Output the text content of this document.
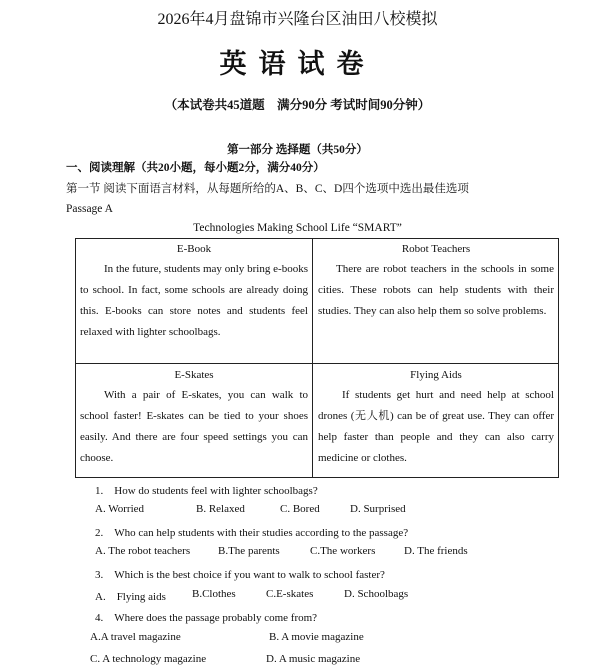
2026年4月盘锦市兴隆台区油田八校模拟
英语试卷
（本试卷共45道题　满分90分 考试时间90分钟）
第一部分 选择题（共50分）
一、阅读理解（共20小题，每小题2分，满分40分）
第一节 阅读下面语言材料，从每题所给的A、B、C、D四个选项中选出最佳选项
Passage A
Technologies Making School Life “SMART”
E-Book
In the future, students may only bring e-books to school. In fact, some schools are already doing this. E-books can store notes and students feel relaxed with lighter schoolbags.
Robot Teachers
There are robot teachers in the schools in some cities. These robots can help students with their studies. They can also help them so solve problems.
E-Skates
With a pair of E-skates, you can walk to school faster! E-skates can be tied to your shoes easily. And there are four speed settings you can choose.
Flying Aids
If students get hurt and need help at school drones (无人机) can be of great use. They can offer help faster than people and they can also carry medicine or clothes.
1.　How do students feel with lighter schoolbags?
A. Worried	B. Relaxed	C. Bored	D. Surprised
2.　Who can help students with their studies according to the passage?
A. The robot teachers	B.The parents	C.The workers	D. The friends
3.　Which is the best choice if you want to walk to school faster?
A.　Flying aids B.Clothes	C.E-skates	D. Schoolbags
4.　Where does the passage probably come from?
A.A travel magazine	B. A movie magazine
C. A technology magazine	D. A music magazine
